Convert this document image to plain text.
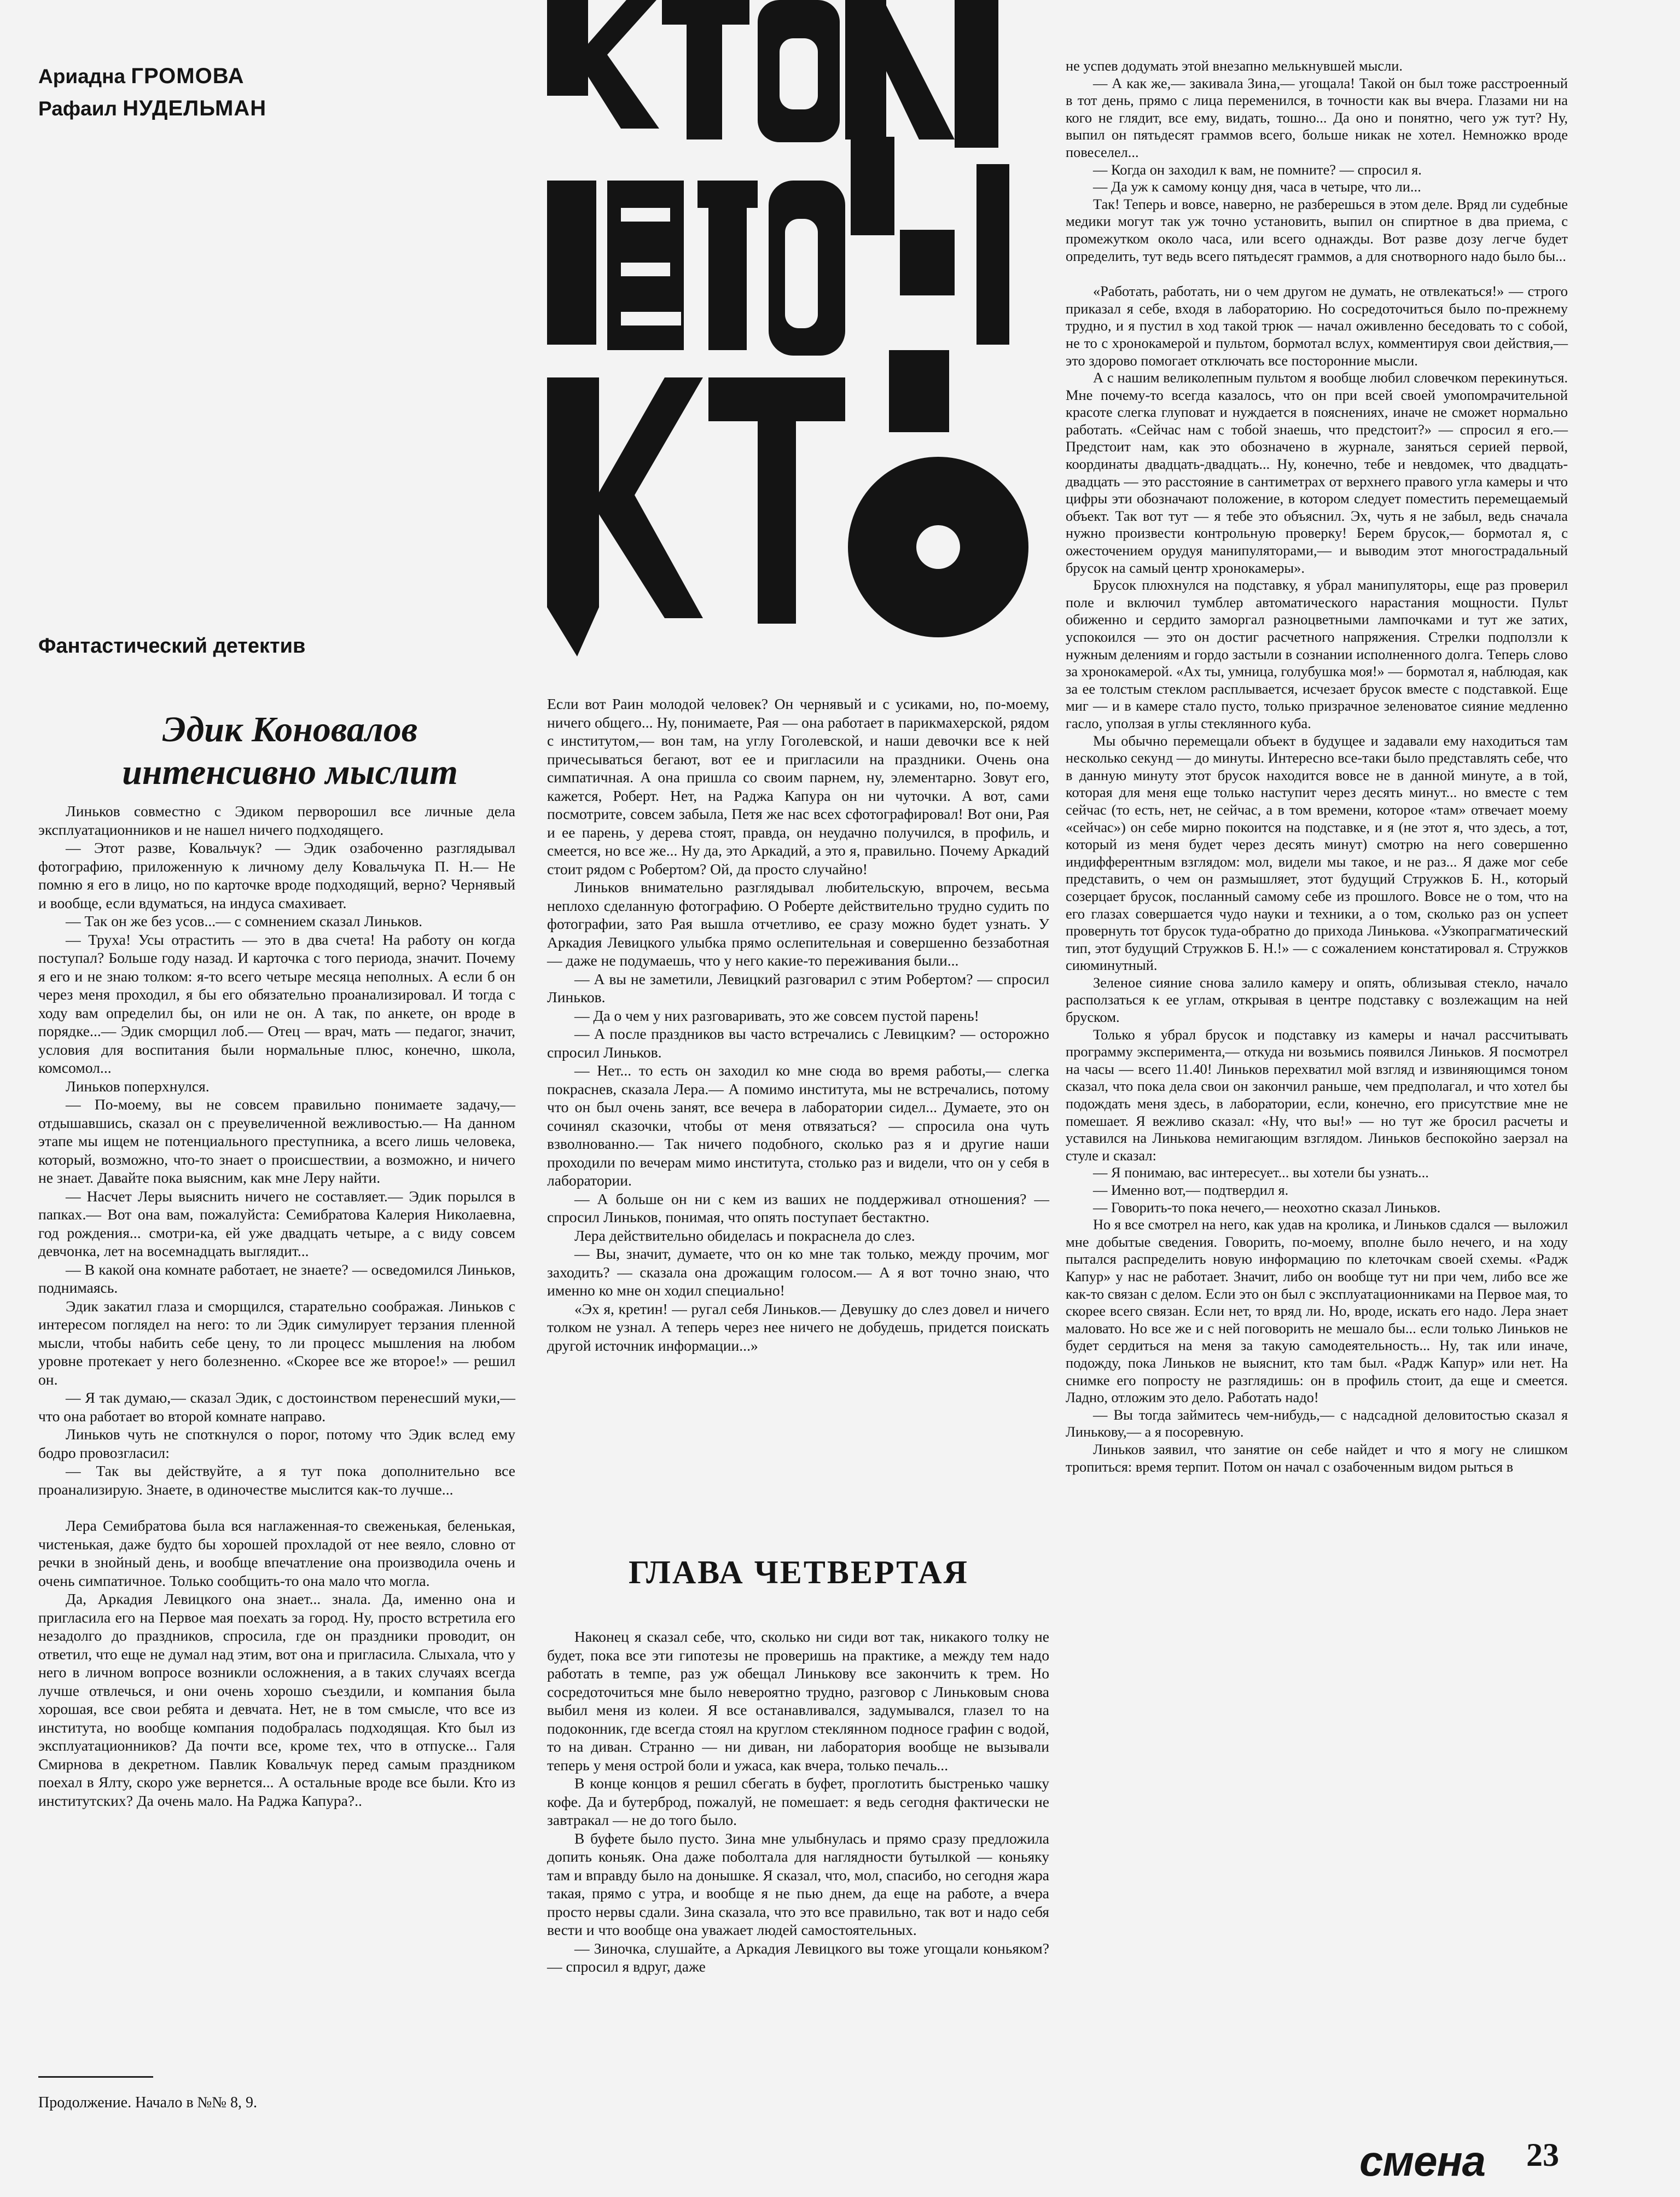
Ариадна ГРОМОВА
Рафаил НУДЕЛЬМАН
Фантастический детектив
Эдик Коновалов интенсивно мыслит

Линьков совместно с Эдиком перворошил все личные дела эксплуатационников и не нашел ничего подходящего.

— Этот разве, Ковальчук? — Эдик озабоченно разглядывал фотографию, приложенную к личному делу Ковальчука П. Н.— Не помню я его в лицо, но по карточке вроде подходящий, верно? Чернявый и вообще, если вдуматься, на индуса смахивает.

— Так он же без усов...— с сомнением сказал Линьков.

— Труха! Усы отрастить — это в два счета! На работу он когда поступал? Больше году назад. И карточка с того периода, значит. Почему я его и не знаю толком: я-то всего четыре месяца неполных. А если б он через меня проходил, я бы его обязательно проанализировал. И тогда с ходу вам определил бы, он или не он. А так, по анкете, он вроде в порядке...— Эдик сморщил лоб.— Отец — врач, мать — педагог, значит, условия для воспитания были нормальные плюс, конечно, школа, комсомол...

Линьков поперхнулся.

— По-моему, вы не совсем правильно понимаете задачу,— отдышавшись, сказал он с преувеличенной вежливостью.— На данном этапе мы ищем не потенциального преступника, а всего лишь человека, который, возможно, что-то знает о происшествии, а возможно, и ничего не знает. Давайте пока выясним, как мне Леру найти.

— Насчет Леры выяснить ничего не составляет.— Эдик порылся в папках.— Вот она вам, пожалуйста: Семибратова Калерия Николаевна, год рождения... смотри-ка, ей уже двадцать четыре, а с виду совсем девчонка, лет на восемнадцать выглядит...

— В какой она комнате работает, не знаете? — осведомился Линьков, поднимаясь.

Эдик закатил глаза и сморщился, старательно соображая. Линьков с интересом поглядел на него: то ли Эдик симулирует терзания пленной мысли, чтобы набить себе цену, то ли процесс мышления на любом уровне протекает у него болезненно. «Скорее все же второе!» — решил он.

— Я так думаю,— сказал Эдик, с достоинством перенесший муки,— что она работает во второй комнате направо.

Линьков чуть не споткнулся о порог, потому что Эдик вслед ему бодро провозгласил:

— Так вы действуйте, а я тут пока дополнительно все проанализирую. Знаете, в одиночестве мыслится как-то лучше...

Лера Семибратова была вся наглаженная-то свеженькая, беленькая, чистенькая, даже будто бы хорошей прохладой от нее веяло, словно от речки в знойный день, и вообще впечатление она производила очень и очень симпатичное. Только сообщить-то она мало что могла.

Да, Аркадия Левицкого она знает... знала. Да, именно она и пригласила его на Первое мая поехать за город. Ну, просто встретила его незадолго до праздников, спросила, где он праздники проводит, он ответил, что еще не думал над этим, вот она и пригласила. Слыхала, что у него в личном вопросе возникли осложнения, а в таких случаях всегда лучше отвлечься, и они очень хорошо съездили, и компания была хорошая, все свои ребята и девчата. Нет, не в том смысле, что все из института, но вообще компания подобралась подходящая. Кто был из эксплуатационников? Да почти все, кроме тех, что в отпуске... Галя Смирнова в декретном. Павлик Ковальчук перед самым праздником поехал в Ялту, скоро уже вернется... А остальные вроде все были. Кто из институтских? Да очень мало. На Раджа Капура?..

Продолжение. Начало в №№ 8, 9.

Если вот Раин молодой человек? Он чернявый и с усиками, но, по-моему, ничего общего... Ну, понимаете, Рая — она работает в парикмахерской, рядом с институтом,— вон там, на углу Гоголевской, и наши девочки все к ней причесываться бегают, вот ее и пригласили на праздники. Очень она симпатичная. А она пришла со своим парнем, ну, элементарно. Зовут его, кажется, Роберт. Нет, на Раджа Капура он ни чуточки. А вот, сами посмотрите, совсем забыла, Петя же нас всех сфотографировал! Вот они, Рая и ее парень, у дерева стоят, правда, он неудачно получился, в профиль, и смеется, но все же... Ну да, это Аркадий, а это я, правильно. Почему Аркадий стоит рядом с Робертом? Ой, да просто случайно!

Линьков внимательно разглядывал любительскую, впрочем, весьма неплохо сделанную фотографию. О Роберте действительно трудно судить по фотографии, зато Рая вышла отчетливо, ее сразу можно будет узнать. У Аркадия Левицкого улыбка прямо ослепительная и совершенно беззаботная — даже не подумаешь, что у него какие-то переживания были...

— А вы не заметили, Левицкий разговарил с этим Робертом? — спросил Линьков.

— Да о чем у них разговаривать, это же совсем пустой парень!

— А после праздников вы часто встречались с Левицким? — осторожно спросил Линьков.

— Нет... то есть он заходил ко мне сюда во время работы,— слегка покраснев, сказала Лера.— А помимо института, мы не встречались, потому что он был очень занят, все вечера в лаборатории сидел... Думаете, это он сочинял сказочки, чтобы от меня отвязаться? — спросила она чуть взволнованно.— Так ничего подобного, сколько раз я и другие наши проходили по вечерам мимо института, столько раз и видели, что он у себя в лаборатории.

— А больше он ни с кем из ваших не поддерживал отношения? — спросил Линьков, понимая, что опять поступает бестактно.

Лера действительно обиделась и покраснела до слез.

— Вы, значит, думаете, что он ко мне так только, между прочим, мог заходить? — сказала она дрожащим голосом.— А я вот точно знаю, что именно ко мне он ходил специально!

«Эх я, кретин! — ругал себя Линьков.— Девушку до слез довел и ничего толком не узнал. А теперь через нее ничего не добудешь, придется поискать другой источник информации...»

ГЛАВА ЧЕТВЕРТАЯ

Наконец я сказал себе, что, сколько ни сиди вот так, никакого толку не будет, пока все эти гипотезы не проверишь на практике, а между тем надо работать в темпе, раз уж обещал Линькову все закончить к трем. Но сосредоточиться мне было невероятно трудно, разговор с Линьковым снова выбил меня из колеи. Я все останавливался, задумывался, глазел то на подоконник, где всегда стоял на круглом стеклянном подносе графин с водой, то на диван. Странно — ни диван, ни лаборатория вообще не вызывали теперь у меня острой боли и ужаса, как вчера, только печаль...

В конце концов я решил сбегать в буфет, проглотить быстренько чашку кофе. Да и бутерброд, пожалуй, не помешает: я ведь сегодня фактически не завтракал — не до того было.

В буфете было пусто. Зина мне улыбнулась и прямо сразу предложила допить коньяк. Она даже поболтала для наглядности бутылкой — коньяку там и вправду было на донышке. Я сказал, что, мол, спасибо, но сегодня жара такая, прямо с утра, и вообще я не пью днем, да еще на работе, а вчера просто нервы сдали. Зина сказала, что это все правильно, так вот и надо себя вести и что вообще она уважает людей самостоятельных.

— Зиночка, слушайте, а Аркадия Левицкого вы тоже угощали коньяком? — спросил я вдруг, даже

не успев додумать этой внезапно мелькнувшей мысли.

— А как же,— закивала Зина,— угощала! Такой он был тоже расстроенный в тот день, прямо с лица переменился, в точности как вы вчера. Глазами ни на кого не глядит, все ему, видать, тошно... Да оно и понятно, чего уж тут? Ну, выпил он пятьдесят граммов всего, больше никак не хотел. Немножко вроде повеселел...

— Когда он заходил к вам, не помните? — спросил я.

— Да уж к самому концу дня, часа в четыре, что ли...

Так! Теперь и вовсе, наверно, не разберешься в этом деле. Вряд ли судебные медики могут так уж точно установить, выпил он спиртное в два приема, с промежутком около часа, или всего однажды. Вот разве дозу легче будет определить, тут ведь всего пятьдесят граммов, а для снотворного надо было бы...

«Работать, работать, ни о чем другом не думать, не отвлекаться!» — строго приказал я себе, входя в лабораторию. Но сосредоточиться было по-прежнему трудно, и я пустил в ход такой трюк — начал оживленно беседовать то с собой, не то с хронокамерой и пультом, бормотал вслух, комментируя свои действия,— это здорово помогает отключать все посторонние мысли.

А с нашим великолепным пультом я вообще любил словечком перекинуться. Мне почему-то всегда казалось, что он при всей своей умопомрачительной красоте слегка глуповат и нуждается в пояснениях, иначе не сможет нормально работать. «Сейчас нам с тобой знаешь, что предстоит?» — спросил я его.— Предстоит нам, как это обозначено в журнале, заняться серией первой, координаты двадцать-двадцать... Ну, конечно, тебе и невдомек, что двадцать-двадцать — это расстояние в сантиметрах от верхнего правого угла камеры и что цифры эти обозначают положение, в котором следует поместить перемещаемый объект. Так вот тут — я тебе это объяснил. Эх, чуть я не забыл, ведь сначала нужно произвести контрольную проверку! Берем брусок,— бормотал я, с ожесточением орудуя манипуляторами,— и выводим этот многострадальный брусок на самый центр хронокамеры».

Брусок плюхнулся на подставку, я убрал манипуляторы, еще раз проверил поле и включил тумблер автоматического нарастания мощности. Пульт обиженно и сердито заморгал разноцветными лампочками и тут же затих, успокоился — это он достиг расчетного напряжения. Стрелки подползли к нужным делениям и гордо застыли в сознании исполненного долга. Теперь слово за хронокамерой. «Ах ты, умница, голубушка моя!» — бормотал я, наблюдая, как за ее толстым стеклом расплывается, исчезает брусок вместе с подставкой. Еще миг — и в камере стало пусто, только призрачное зеленоватое сияние медленно гасло, уползая в углы стеклянного куба.

Мы обычно перемещали объект в будущее и задавали ему находиться там несколько секунд — до минуты. Интересно все-таки было представлять себе, что в данную минуту этот брусок находится вовсе не в данной минуте, а в той, которая для меня еще только наступит через десять минут... но вместе с тем сейчас (то есть, нет, не сейчас, а в том времени, которое «там» отвечает моему «сейчас») он себе мирно покоится на подставке, и я (не этот я, что здесь, а тот, который из меня будет через десять минут) смотрю на него совершенно индифферентным взглядом: мол, видели мы такое, и не раз... Я даже мог себе представить, о чем он размышляет, этот будущий Стружков Б. Н., который созерцает брусок, посланный самому себе из прошлого. Вовсе не о том, что на его глазах совершается чудо науки и техники, а о том, сколько раз он успеет провернуть тот брусок туда-обратно до прихода Линькова. «Узкопрагматический тип, этот будущий Стружков Б. Н.!» — с сожалением констатировал я. Стружков сиюминутный.

Зеленое сияние снова залило камеру и опять, облизывая стекло, начало расползаться к ее углам, открывая в центре подставку с возлежащим на ней бруском.

Только я убрал брусок и подставку из камеры и начал рассчитывать программу эксперимента,— откуда ни возьмись появился Линьков. Я посмотрел на часы — всего 11.40! Линьков перехватил мой взгляд и извиняющимся тоном сказал, что пока дела свои он закончил раньше, чем предполагал, и что хотел бы подождать меня здесь, в лаборатории, если, конечно, его присутствие мне не помешает. Я вежливо сказал: «Ну, что вы!» — но тут же бросил расчеты и уставился на Линькова немигающим взглядом. Линьков беспокойно заерзал на стуле и сказал:

— Я понимаю, вас интересует... вы хотели бы узнать...

— Именно вот,— подтвердил я.

— Говорить-то пока нечего,— неохотно сказал Линьков.

Но я все смотрел на него, как удав на кролика, и Линьков сдался — выложил мне добытые сведения. Говорить, по-моему, вполне было нечего, и на ходу пытался распределить новую информацию по клеточкам своей схемы. «Радж Капур» у нас не работает. Значит, либо он вообще тут ни при чем, либо все же как-то связан с делом. Если это он был с эксплуатационниками на Первое мая, то скорее всего связан. Если нет, то вряд ли. Но, вроде, искать его надо. Лера знает маловато. Но все же и с ней поговорить не мешало бы... если только Линьков не будет сердиться на меня за такую самодеятельность... Ну, так или иначе, подожду, пока Линьков не выяснит, кто там был. «Радж Капур» или нет. На снимке его попросту не разглядишь: он в профиль стоит, да еще и смеется. Ладно, отложим это дело. Работать надо!

— Вы тогда займитесь чем-нибудь,— с надсадной деловитостью сказал я Линькову,— а я посоревную.

Линьков заявил, что занятие он себе найдет и что я могу не слишком тропиться: время терпит. Потом он начал с озабоченным видом рыться в

смена 23
